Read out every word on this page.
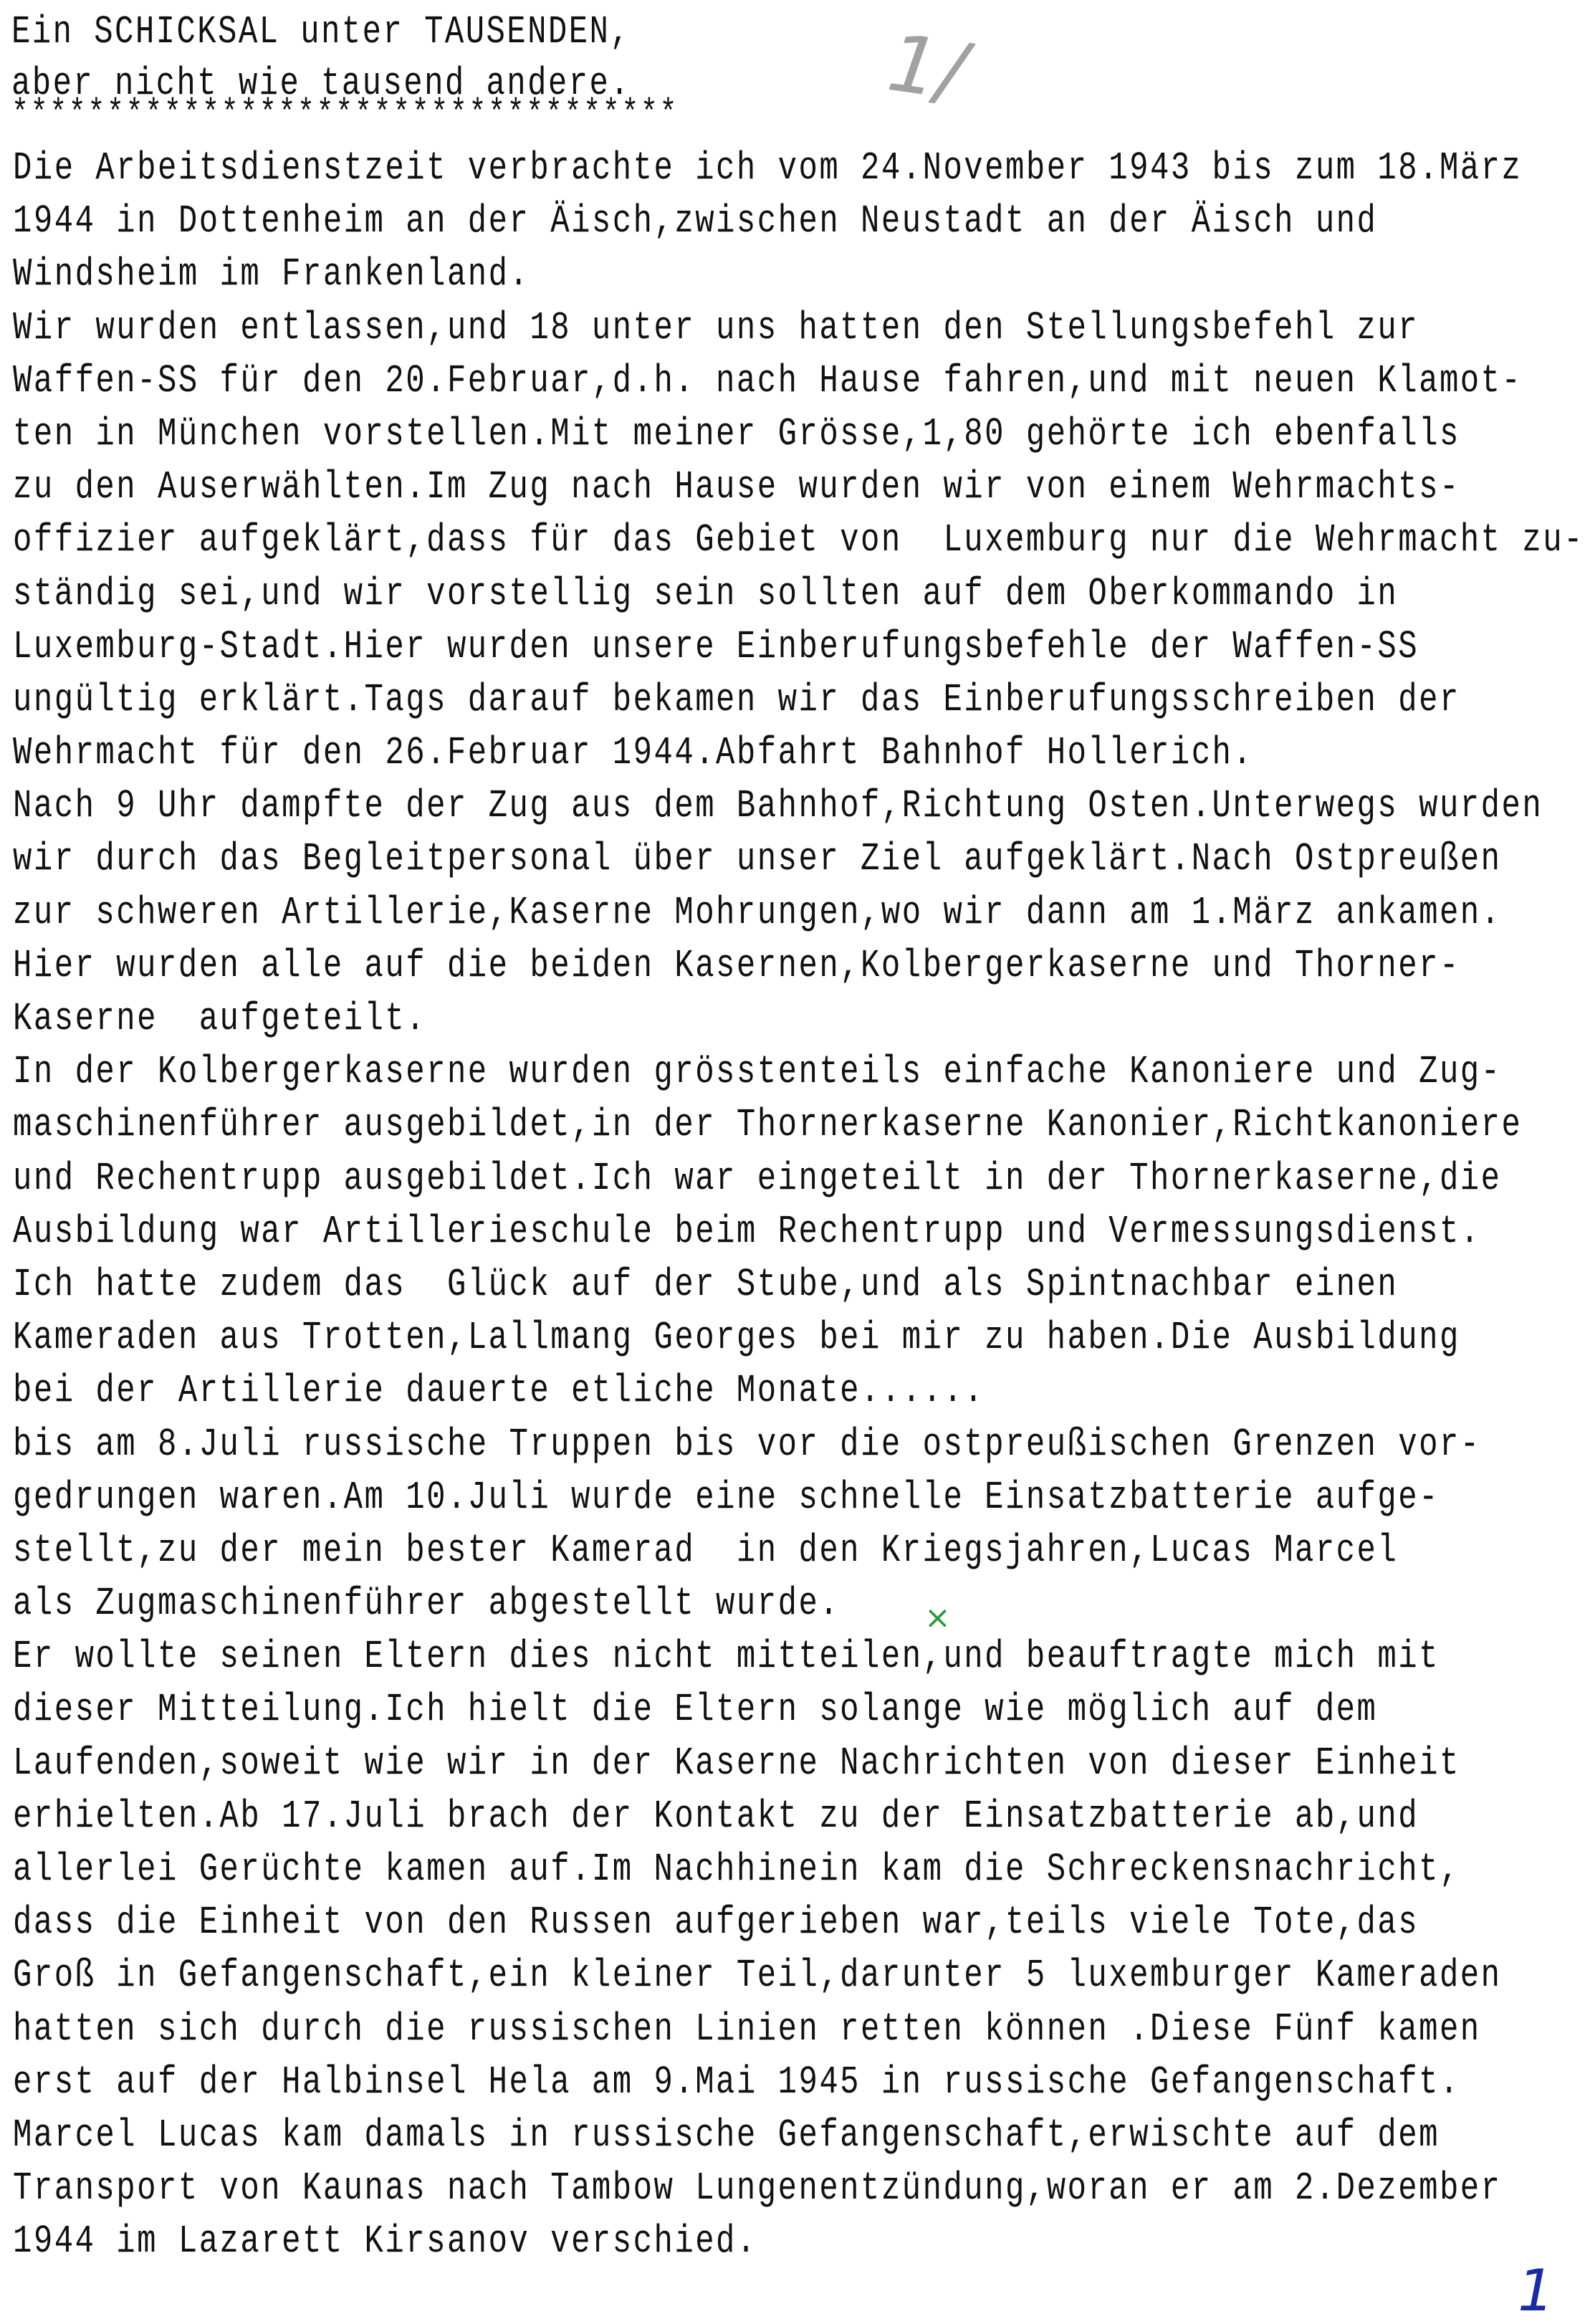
Ein SCHICKSAL unter TAUSENDEN,
aber nicht wie tausend andere.
***********************************	1/
×
1
Die Arbeitsdienstzeit verbrachte ich vom 24.November 1943 bis zum 18.März
1944 in Dottenheim an der Äisch,zwischen Neustadt an der Äisch und
Windsheim im Frankenland.
Wir wurden entlassen,und 18 unter uns hatten den Stellungsbefehl zur
Waffen-SS für den 20.Februar,d.h. nach Hause fahren,und mit neuen Klamot-
ten in München vorstellen.Mit meiner Grösse,1,80 gehörte ich ebenfalls
zu den Auserwählten.Im Zug nach Hause wurden wir von einem Wehrmachts-
offizier aufgeklärt,dass für das Gebiet von  Luxemburg nur die Wehrmacht zu-
ständig sei,und wir vorstellig sein sollten auf dem Oberkommando in
Luxemburg-Stadt.Hier wurden unsere Einberufungsbefehle der Waffen-SS
ungültig erklärt.Tags darauf bekamen wir das Einberufungsschreiben der
Wehrmacht für den 26.Februar 1944.Abfahrt Bahnhof Hollerich.
Nach 9 Uhr dampfte der Zug aus dem Bahnhof,Richtung Osten.Unterwegs wurden
wir durch das Begleitpersonal über unser Ziel aufgeklärt.Nach Ostpreußen
zur schweren Artillerie,Kaserne Mohrungen,wo wir dann am 1.März ankamen.
Hier wurden alle auf die beiden Kasernen,Kolbergerkaserne und Thorner-
Kaserne  aufgeteilt.
In der Kolbergerkaserne wurden grösstenteils einfache Kanoniere und Zug-
maschinenführer ausgebildet,in der Thornerkaserne Kanonier,Richtkanoniere
und Rechentrupp ausgebildet.Ich war eingeteilt in der Thornerkaserne,die
Ausbildung war Artillerieschule beim Rechentrupp und Vermessungsdienst.
Ich hatte zudem das  Glück auf der Stube,und als Spintnachbar einen
Kameraden aus Trotten,Lallmang Georges bei mir zu haben.Die Ausbildung
bei der Artillerie dauerte etliche Monate......
bis am 8.Juli russische Truppen bis vor die ostpreußischen Grenzen vor-
gedrungen waren.Am 10.Juli wurde eine schnelle Einsatzbatterie aufge-
stellt,zu der mein bester Kamerad  in den Kriegsjahren,Lucas Marcel
als Zugmaschinenführer abgestellt wurde.
Er wollte seinen Eltern dies nicht mitteilen,und beauftragte mich mit
dieser Mitteilung.Ich hielt die Eltern solange wie möglich auf dem
Laufenden,soweit wie wir in der Kaserne Nachrichten von dieser Einheit
erhielten.Ab 17.Juli brach der Kontakt zu der Einsatzbatterie ab,und
allerlei Gerüchte kamen auf.Im Nachhinein kam die Schreckensnachricht,
dass die Einheit von den Russen aufgerieben war,teils viele Tote,das
Groß in Gefangenschaft,ein kleiner Teil,darunter 5 luxemburger Kameraden
hatten sich durch die russischen Linien retten können .Diese Fünf kamen
erst auf der Halbinsel Hela am 9.Mai 1945 in russische Gefangenschaft.
Marcel Lucas kam damals in russische Gefangenschaft,erwischte auf dem
Transport von Kaunas nach Tambow Lungenentzündung,woran er am 2.Dezember
1944 im Lazarett Kirsanov verschied.
